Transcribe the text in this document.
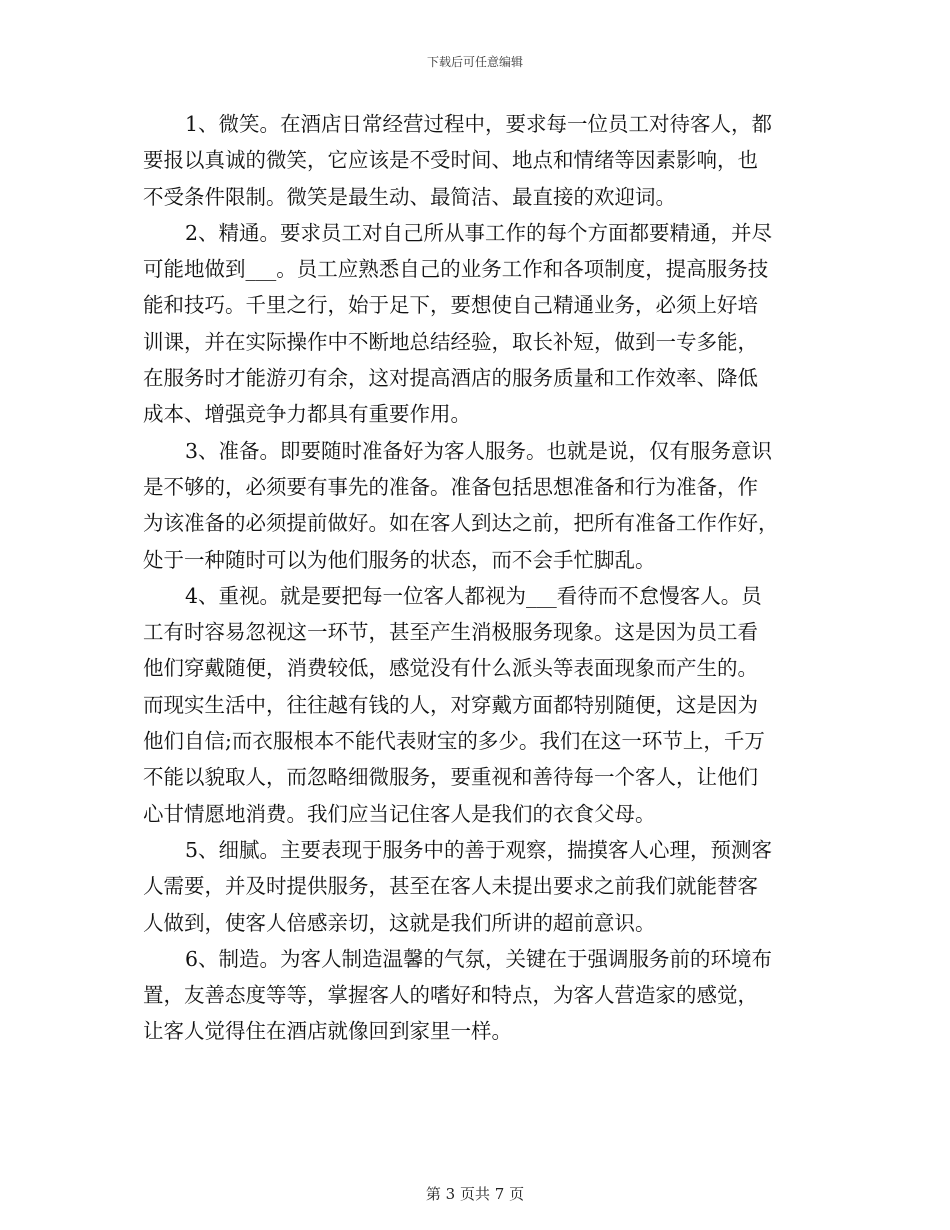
下载后可任意编辑
1、微笑。在酒店日常经营过程中，要求每一位员工对待客人，都
要报以真诚的微笑，它应该是不受时间、地点和情绪等因素影响，也
不受条件限制。微笑是最生动、最简洁、最直接的欢迎词。
2、精通。要求员工对自己所从事工作的每个方面都要精通，并尽
可能地做到___。员工应熟悉自己的业务工作和各项制度，提高服务技
能和技巧。千里之行，始于足下，要想使自己精通业务，必须上好培
训课，并在实际操作中不断地总结经验，取长补短，做到一专多能，
在服务时才能游刃有余，这对提高酒店的服务质量和工作效率、降低
成本、增强竞争力都具有重要作用。
3、准备。即要随时准备好为客人服务。也就是说，仅有服务意识
是不够的，必须要有事先的准备。准备包括思想准备和行为准备，作
为该准备的必须提前做好。如在客人到达之前，把所有准备工作作好，
处于一种随时可以为他们服务的状态，而不会手忙脚乱。
4、重视。就是要把每一位客人都视为___看待而不怠慢客人。员
工有时容易忽视这一环节，甚至产生消极服务现象。这是因为员工看
他们穿戴随便，消费较低，感觉没有什么派头等表面现象而产生的。
而现实生活中，往往越有钱的人，对穿戴方面都特别随便，这是因为
他们自信;而衣服根本不能代表财宝的多少。我们在这一环节上，千万
不能以貌取人，而忽略细微服务，要重视和善待每一个客人，让他们
心甘情愿地消费。我们应当记住客人是我们的衣食父母。
5、细腻。主要表现于服务中的善于观察，揣摸客人心理，预测客
人需要，并及时提供服务，甚至在客人未提出要求之前我们就能替客
人做到，使客人倍感亲切，这就是我们所讲的超前意识。
6、制造。为客人制造温馨的气氛，关键在于强调服务前的环境布
置，友善态度等等，掌握客人的嗜好和特点，为客人营造家的感觉，
让客人觉得住在酒店就像回到家里一样。
第 3 页共 7 页
